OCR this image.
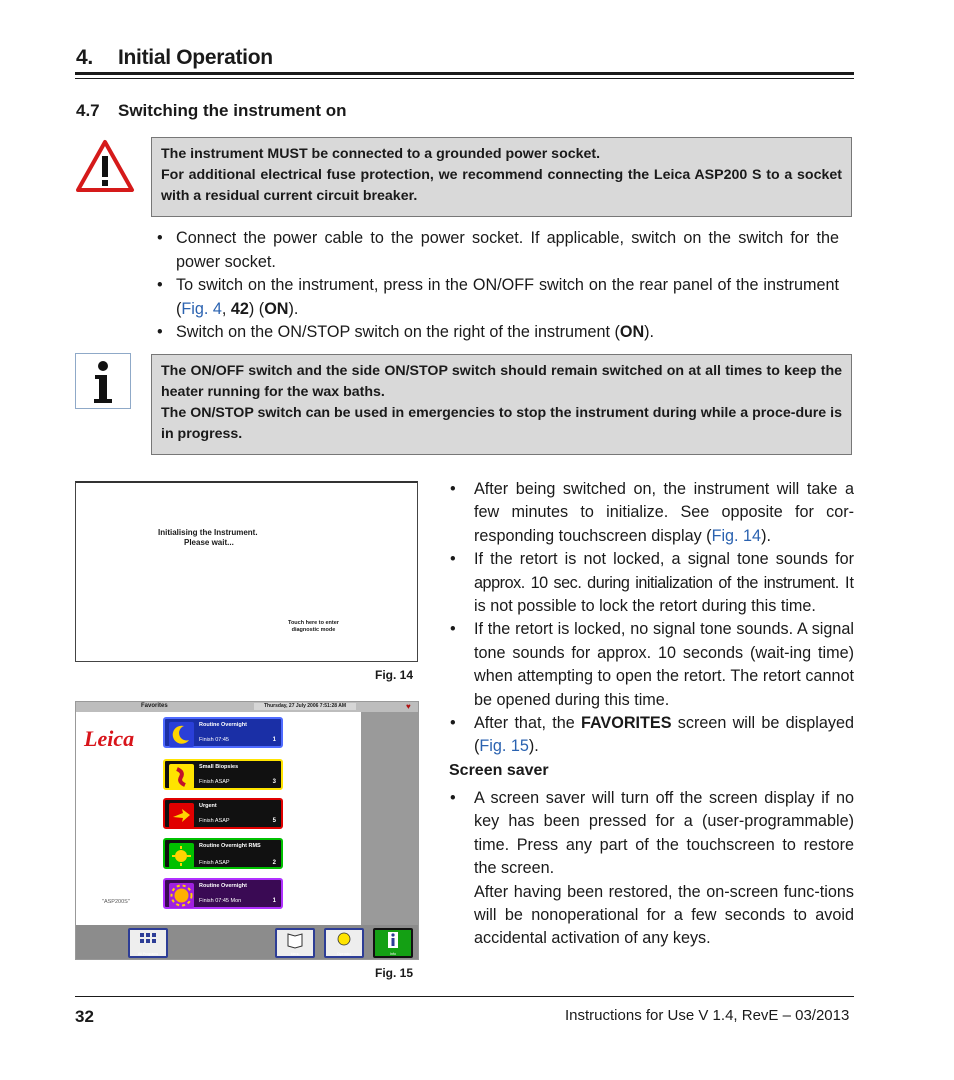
4. Initial Operation
4.7 Switching the instrument on

The instrument MUST be connected to a grounded power socket.

For additional electrical fuse protection, we recommend connecting the Leica ASP200 S to a socket with a residual current circuit breaker.

• Connect the power cable to the power socket. If applicable, switch on the switch for the power socket.
• To switch on the instrument, press in the ON/OFF switch on the rear panel of the instrument (Fig. 4, 42) (ON).
• Switch on the ON/STOP switch on the right of the instrument (ON).

The ON/OFF switch and the side ON/STOP switch should remain switched on at all times to keep the heater running for the wax baths.

The ON/STOP switch can be used in emergencies to stop the instrument during while a proce-dure is in progress.

Initialising the Instrument.
Please wait...
Touch here to enter
diagnostic mode
Fig. 14
Favorites	Thursday, 27 July 2006 7:51:28 AM	♥
Leica
"ASP200S"
Routine Overnight
Finish 07:45	1
Small Biopsies
Finish ASAP	3
Urgent
Finish ASAP	5
Routine Overnight RMS
Finish ASAP	2
Routine Overnight
Finish 07:45 Mon	1
All Programs	Menu	Operator	Info
Fig. 15
• After being switched on, the instrument will take a few minutes to initialize. See opposite for cor-responding touchscreen display (Fig. 14).
• If the retort is not locked, a signal tone sounds for approx. 10 sec. during initialization of the instrument. It is not possible to lock the retort during this time.
• If the retort is locked, no signal tone sounds. A signal tone sounds for approx. 10 seconds (wait-ing time) when attempting to open the retort. The retort cannot be opened during this time.
• After that, the FAVORITES screen will be displayed (Fig. 15).
Screen saver
• A screen saver will turn off the screen display if no key has been pressed for a (user-programmable) time. Press any part of the touchscreen to restore the screen.
After having been restored, the on-screen func-tions will be nonoperational for a few seconds to avoid accidental activation of any keys.
32	Instructions for Use V 1.4, RevE – 03/2013
